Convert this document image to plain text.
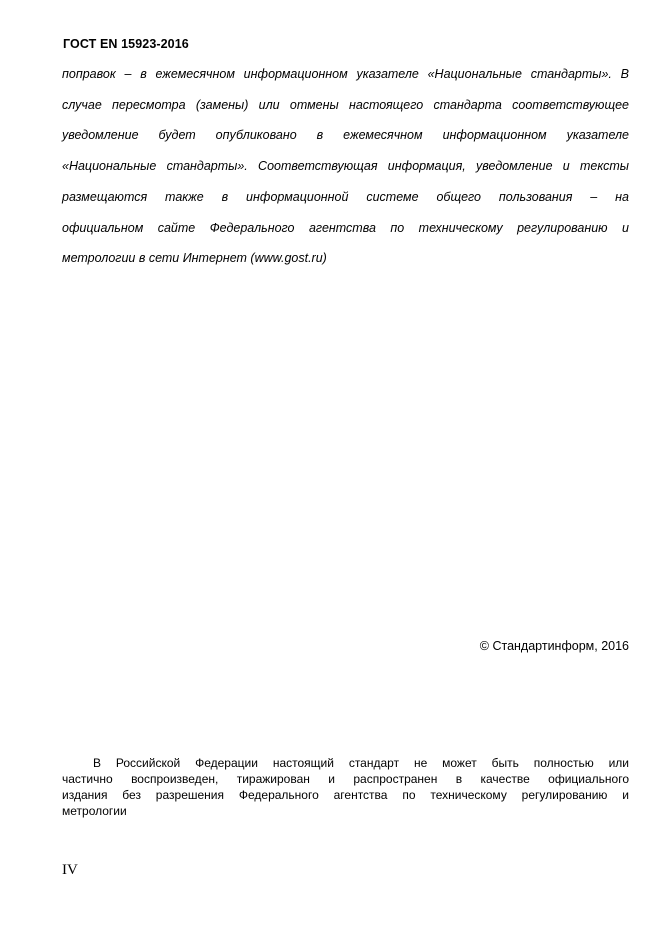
ГОСТ EN 15923-2016
поправок – в ежемесячном информационном указателе «Национальные стандарты». В
случае пересмотра (замены) или отмены настоящего стандарта соответствующее
уведомление будет опубликовано в ежемесячном информационном указателе
«Национальные стандарты». Соответствующая информация, уведомление и тексты
размещаются также в информационной системе общего пользования – на
официальном сайте Федерального агентства по техническому регулированию и
метрологии в сети Интернет (www.gost.ru)
© Стандартинформ, 2016
В Российской Федерации настоящий стандарт не может быть полностью или
частично воспроизведен, тиражирован и распространен в качестве официального
издания без разрешения Федерального агентства по техническому регулированию и
метрологии
IV
